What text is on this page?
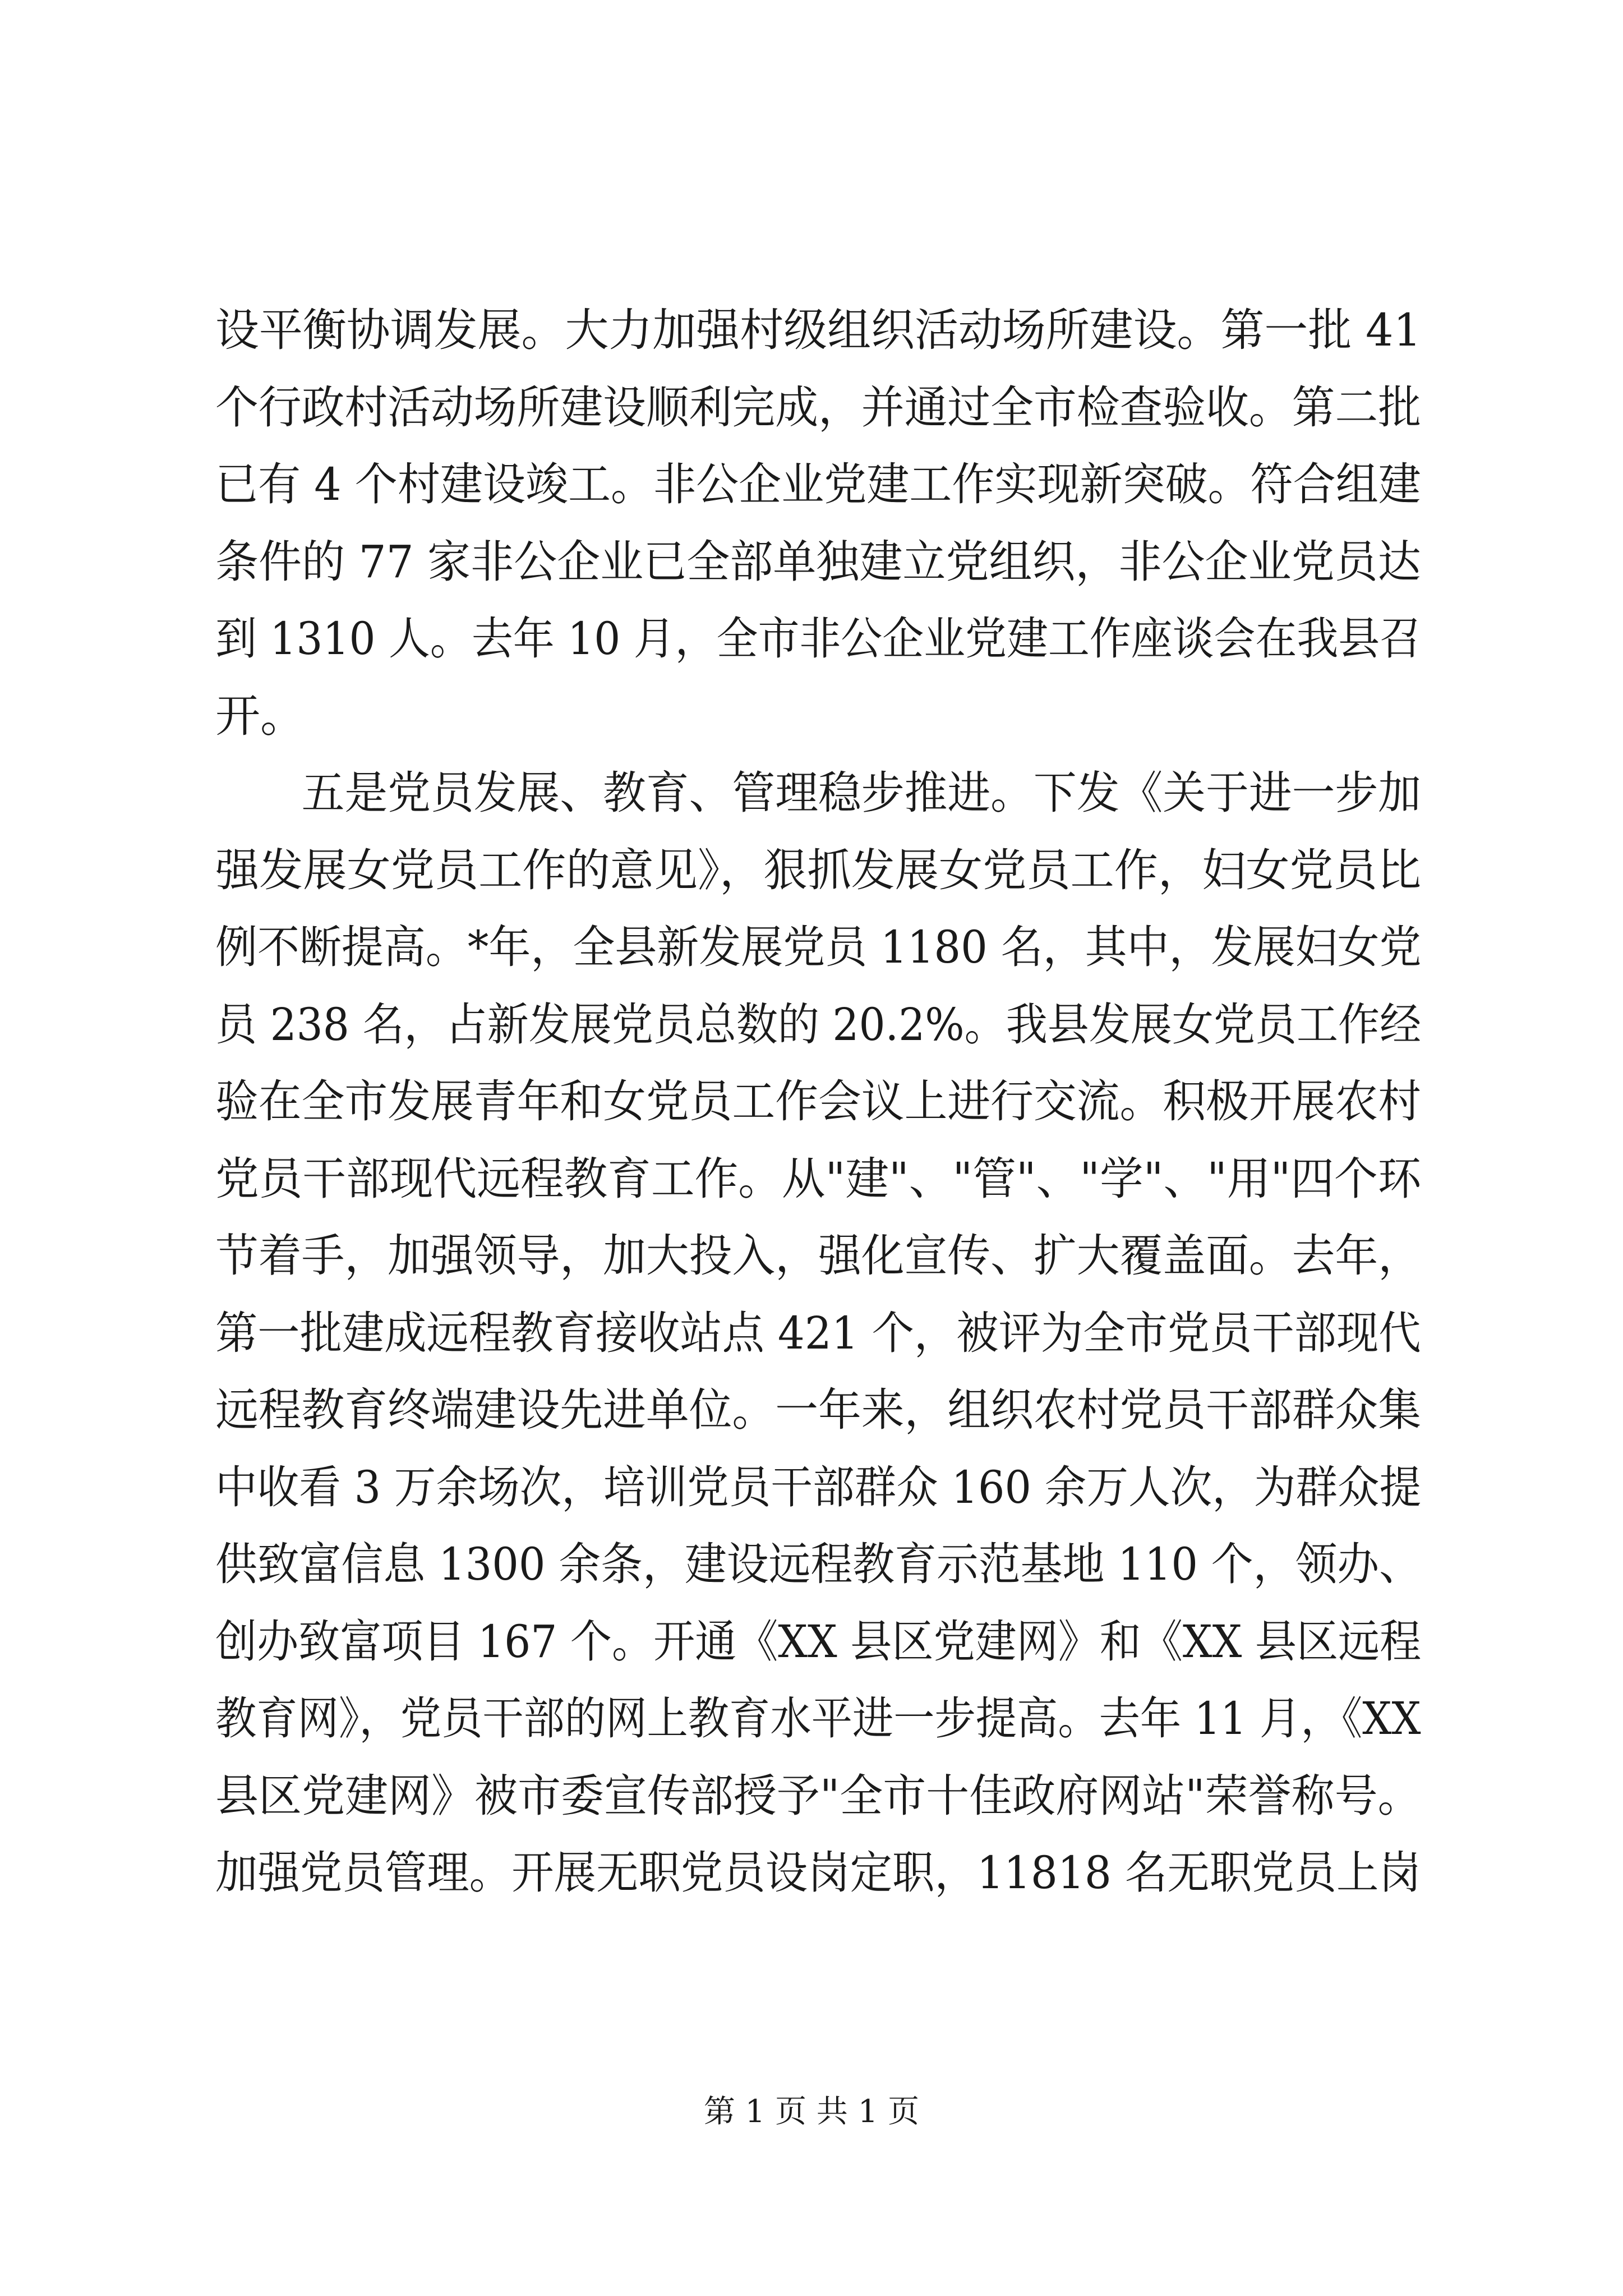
设平衡协调发展。大力加强村级组织活动场所建设。第一批 41
个行政村活动场所建设顺利完成，并通过全市检查验收。第二批
已有 4 个村建设竣工。非公企业党建工作实现新突破。符合组建
条件的 77 家非公企业已全部单独建立党组织，非公企业党员达
到 1310 人。去年 10 月，全市非公企业党建工作座谈会在我县召
开。
　　五是党员发展、教育、管理稳步推进。下发《关于进一步加
强发展女党员工作的意见》，狠抓发展女党员工作，妇女党员比
例不断提高。*年，全县新发展党员 1180 名，其中，发展妇女党
员 238 名，占新发展党员总数的 20.2%。我县发展女党员工作经
验在全市发展青年和女党员工作会议上进行交流。积极开展农村
党员干部现代远程教育工作。从"建"、"管"、"学"、"用"四个环
节着手，加强领导，加大投入，强化宣传、扩大覆盖面。去年，
第一批建成远程教育接收站点 421 个，被评为全市党员干部现代
远程教育终端建设先进单位。一年来，组织农村党员干部群众集
中收看 3 万余场次，培训党员干部群众 160 余万人次，为群众提
供致富信息 1300 余条，建设远程教育示范基地 110 个，领办、
创办致富项目 167 个。开通《XX 县区党建网》和《XX 县区远程
教育网》，党员干部的网上教育水平进一步提高。去年 11 月，《XX
县区党建网》被市委宣传部授予"全市十佳政府网站"荣誉称号。
加强党员管理。开展无职党员设岗定职，11818 名无职党员上岗
第 1 页 共 1 页
